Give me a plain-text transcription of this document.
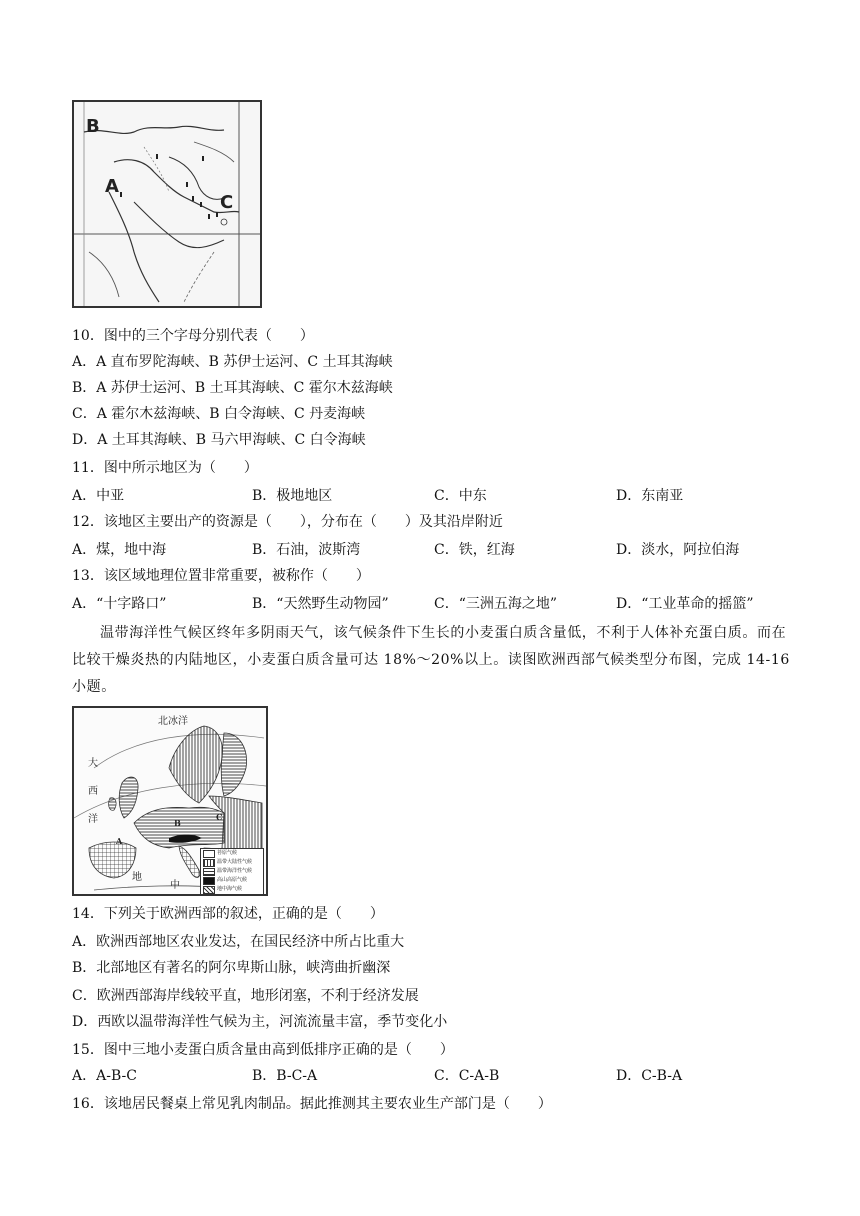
B
A
C
10．图中的三个字母分别代表（　　）
A．A 直布罗陀海峡、B 苏伊士运河、C 土耳其海峡
B．A 苏伊士运河、B 土耳其海峡、C 霍尔木兹海峡
C．A 霍尔木兹海峡、B 白令海峡、C 丹麦海峡
D．A 土耳其海峡、B 马六甲海峡、C 白令海峡
11．图中所示地区为（　　）
A．中亚	B．极地地区	C．中东	D．东南亚
12．该地区主要出产的资源是（　　），分布在（　　）及其沿岸附近
A．煤，地中海	B．石油，波斯湾	C．铁，红海	D．淡水，阿拉伯海
13．该区域地理位置非常重要，被称作（　　）
A．“十字路口”	B．“天然野生动物园”	C．“三洲五海之地”	D．“工业革命的摇篮”
温带海洋性气候区终年多阴雨天气，该气候条件下生长的小麦蛋白质含量低，不利于人体补充蛋白质。而在比较干燥炎热的内陆地区，小麦蛋白质含量可达 18%～20%以上。读图欧洲西部气候类型分布图，完成 14-16 小题。
北冰洋
大
西
洋
地
中
A
B
C
苔原气候
温带大陆性气候
温带海洋性气候
高山高原气候
地中海气候
14．下列关于欧洲西部的叙述，正确的是（　　）
A．欧洲西部地区农业发达，在国民经济中所占比重大
B．北部地区有著名的阿尔卑斯山脉，峡湾曲折幽深
C．欧洲西部海岸线较平直，地形闭塞，不利于经济发展
D．西欧以温带海洋性气候为主，河流流量丰富，季节变化小
15．图中三地小麦蛋白质含量由高到低排序正确的是（　　）
A．A-B-C	B．B-C-A	C．C-A-B	D．C-B-A
16．该地居民餐桌上常见乳肉制品。据此推测其主要农业生产部门是（　　）
